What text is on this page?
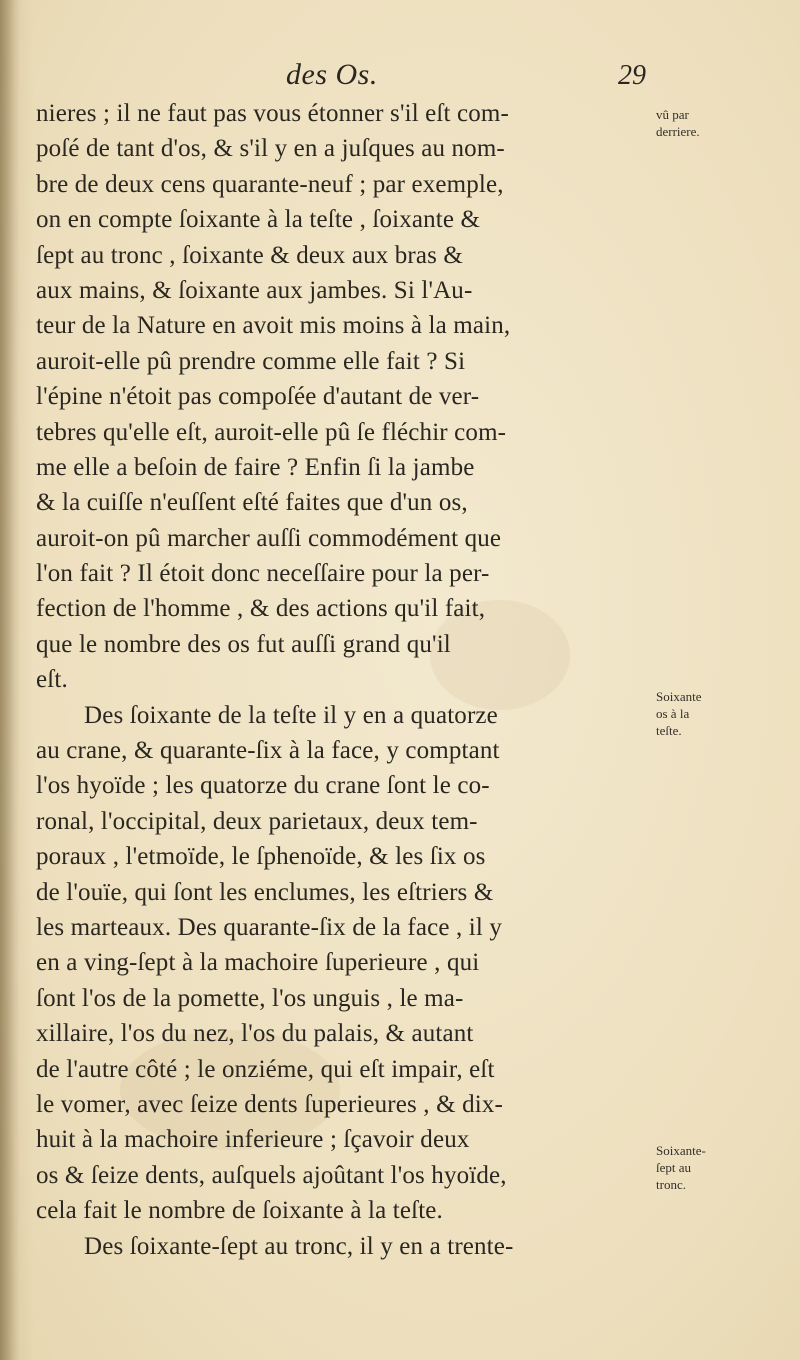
des Os.	29
nieres ; il ne faut pas vous étonner s'il eſt com-
poſé de tant d'os, & s'il y en a juſques au nom-
bre de deux cens quarante-neuf ; par exemple,
on en compte ſoixante à la teſte , ſoixante &
ſept au tronc , ſoixante & deux aux bras &
aux mains, & ſoixante aux jambes. Si l'Au-
teur de la Nature en avoit mis moins à la main,
auroit-elle pû prendre comme elle fait ? Si
l'épine n'étoit pas compoſée d'autant de ver-
tebres qu'elle eſt, auroit-elle pû ſe fléchir com-
me elle a beſoin de faire ? Enfin ſi la jambe
& la cuiſſe n'euſſent eſté faites que d'un os,
auroit-on pû marcher auſſi commodément que
l'on fait ? Il étoit donc neceſſaire pour la per-
fection de l'homme , & des actions qu'il fait,
que le nombre des os fut auſſi grand qu'il
eſt.
Des ſoixante de la teſte il y en a quatorze
au crane, & quarante-ſix à la face, y comptant
l'os hyoïde ; les quatorze du crane ſont le co-
ronal, l'occipital, deux parietaux, deux tem-
poraux , l'etmoïde, le ſphenoïde, & les ſix os
de l'ouïe, qui ſont les enclumes, les eſtriers &
les marteaux. Des quarante-ſix de la face , il y
en a ving-ſept à la machoire ſuperieure , qui
ſont l'os de la pomette, l'os unguis , le ma-
xillaire, l'os du nez, l'os du palais, & autant
de l'autre côté ; le onziéme, qui eſt impair, eſt
le vomer, avec ſeize dents ſuperieures , & dix-
huit à la machoire inferieure ; ſçavoir deux
os & ſeize dents, auſquels ajoûtant l'os hyoïde,
cela fait le nombre de ſoixante à la teſte.
Des ſoixante-ſept au tronc, il y en a trente-
vû par
derriere.
Soixante
os à la
teſte.
Soixante-
ſept au
tronc.
